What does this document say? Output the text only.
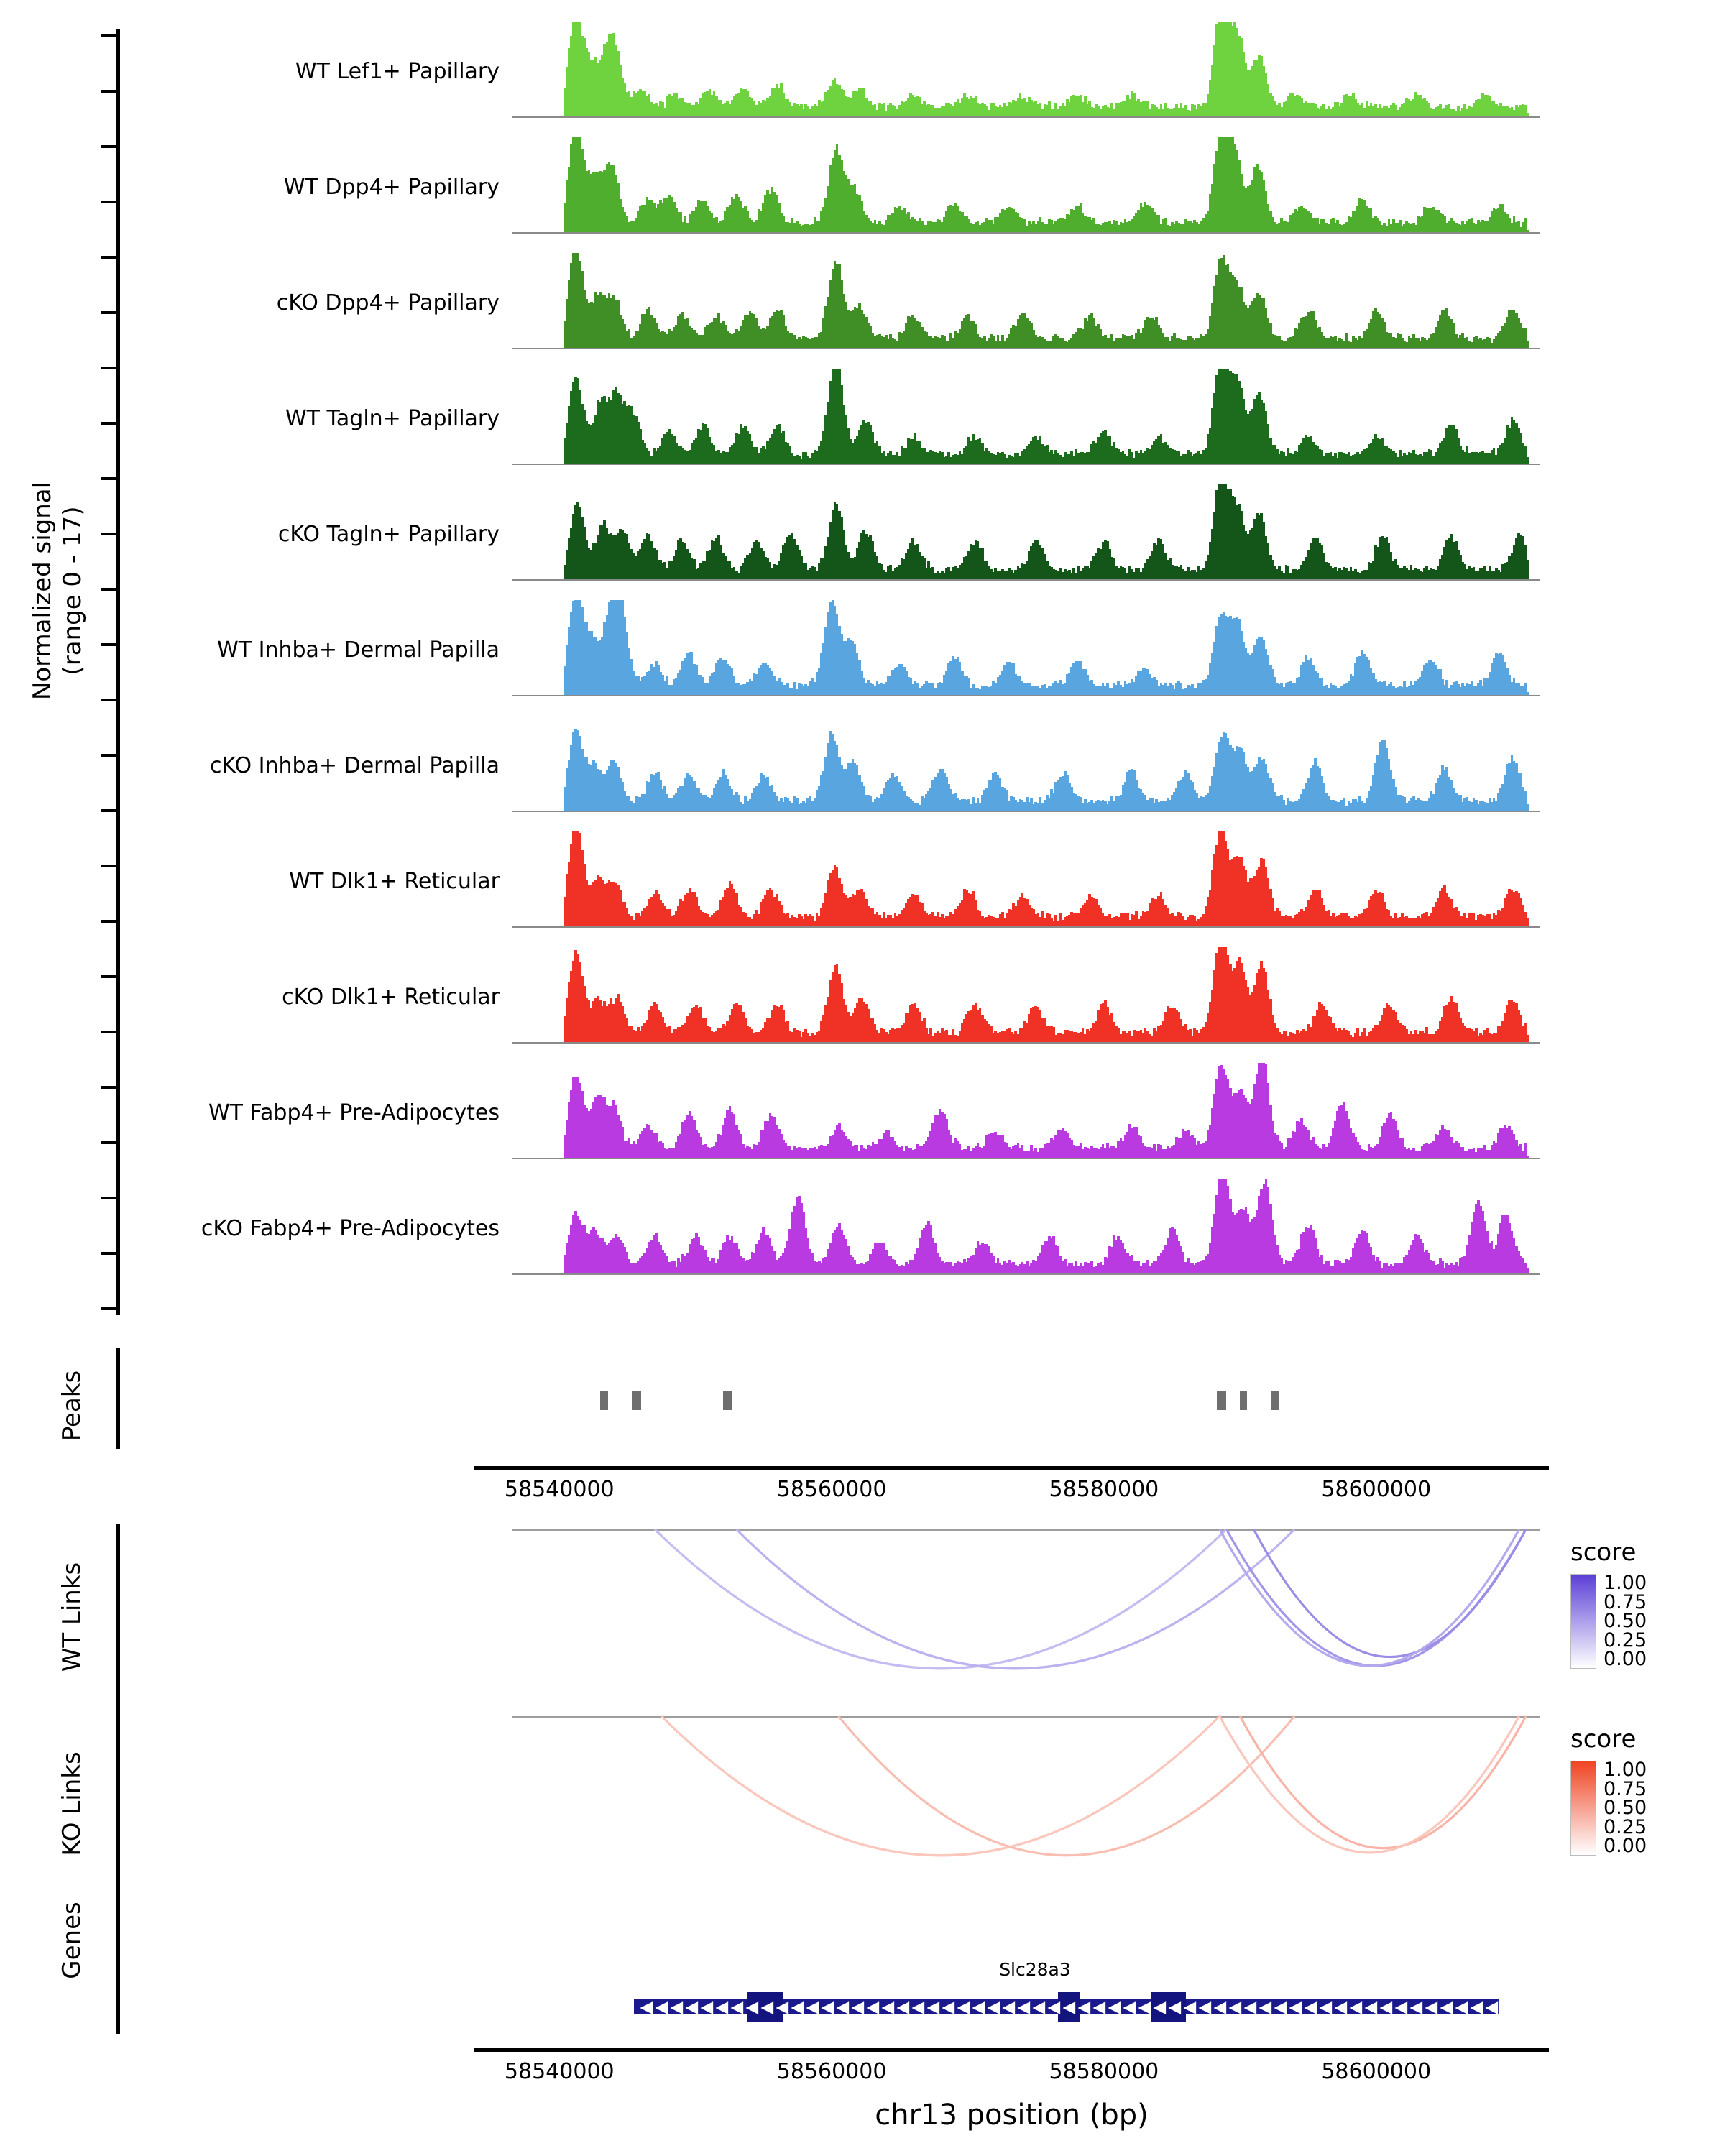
Normalized signal
(range 0 - 17)
WT Lef1+ Papillary
WT Dpp4+ Papillary
cKO Dpp4+ Papillary
WT Tagln+ Papillary
cKO Tagln+ Papillary
WT Inhba+ Dermal Papilla
cKO Inhba+ Dermal Papilla
WT Dlk1+ Reticular
cKO Dlk1+ Reticular
WT Fabp4+ Pre-Adipocytes
cKO Fabp4+ Pre-Adipocytes
Peaks
58540000	58560000	58580000	58600000
WT Links
score
1.00
0.75
0.50
0.25
0.00
KO Links
score
1.00
0.75
0.50
0.25
0.00
Genes	Slc28a3
◀ ◀ ◀ ◀ ◀ ◀ ◀ ◀ ◀ ◀ ◀ ◀ ◀ ◀ ◀ ◀ ◀ ◀ ◀ ◀ ◀ ◀ ◀ ◀ ◀ ◀ ◀ ◀ ◀ ◀ ◀ ◀ ◀ ◀ ◀ ◀ ◀ ◀ ◀ ◀ ◀ ◀ ◀ ◀ ◀ ◀ ◀ ◀ ◀ ◀ ◀ ◀ ◀ ◀ ◀ ◀ ◀
58540000	58560000	58580000	58600000
chr13 position (bp)
